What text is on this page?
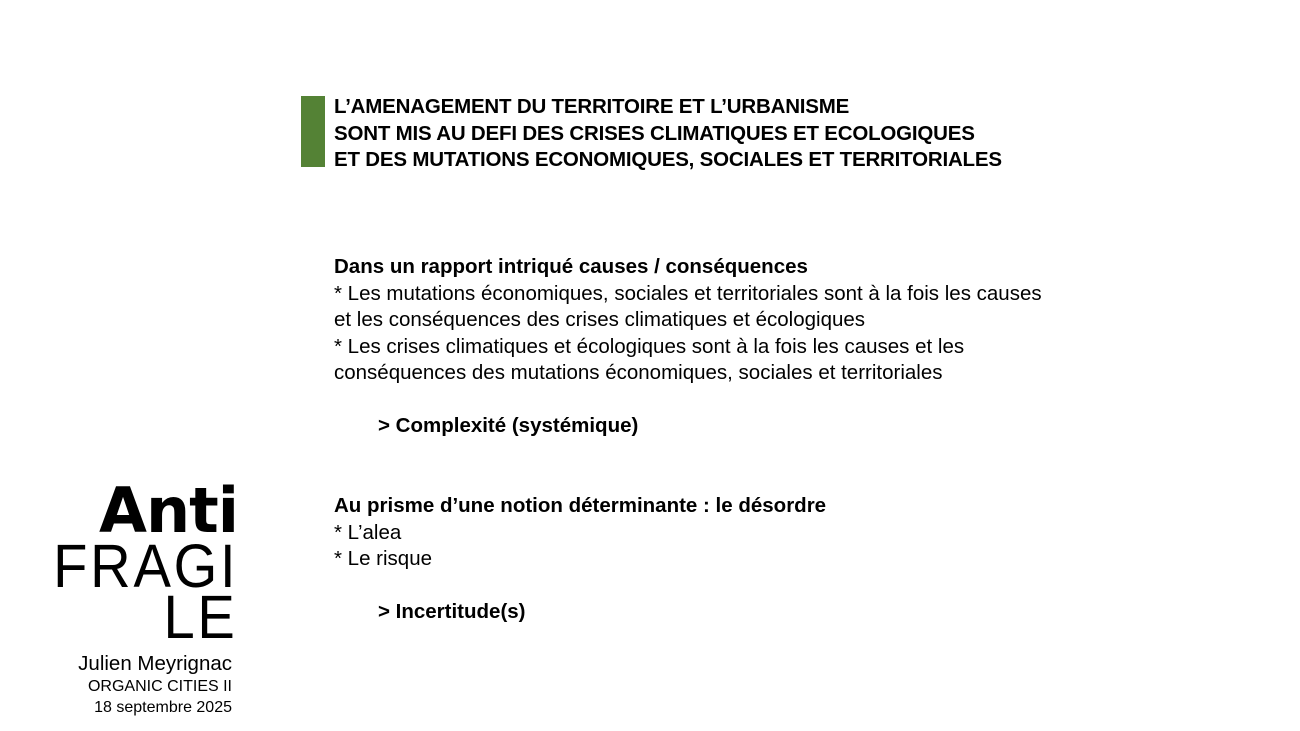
L’AMENAGEMENT DU TERRITOIRE ET L’URBANISME
SONT MIS AU DEFI DES CRISES CLIMATIQUES ET ECOLOGIQUES
ET DES MUTATIONS ECONOMIQUES, SOCIALES ET TERRITORIALES
Dans un rapport intriqué causes / conséquences
* Les mutations économiques, sociales et territoriales sont à la fois les causes
et les conséquences des crises climatiques et écologiques
* Les crises climatiques et écologiques sont à la fois les causes et les
conséquences des mutations économiques, sociales et territoriales
> Complexité (systémique)
Au prisme d’une notion déterminante : le désordre
* L’alea
* Le risque
> Incertitude(s)
Anti
FRAGI
LE
Julien Meyrignac
ORGANIC CITIES II
18 septembre 2025
